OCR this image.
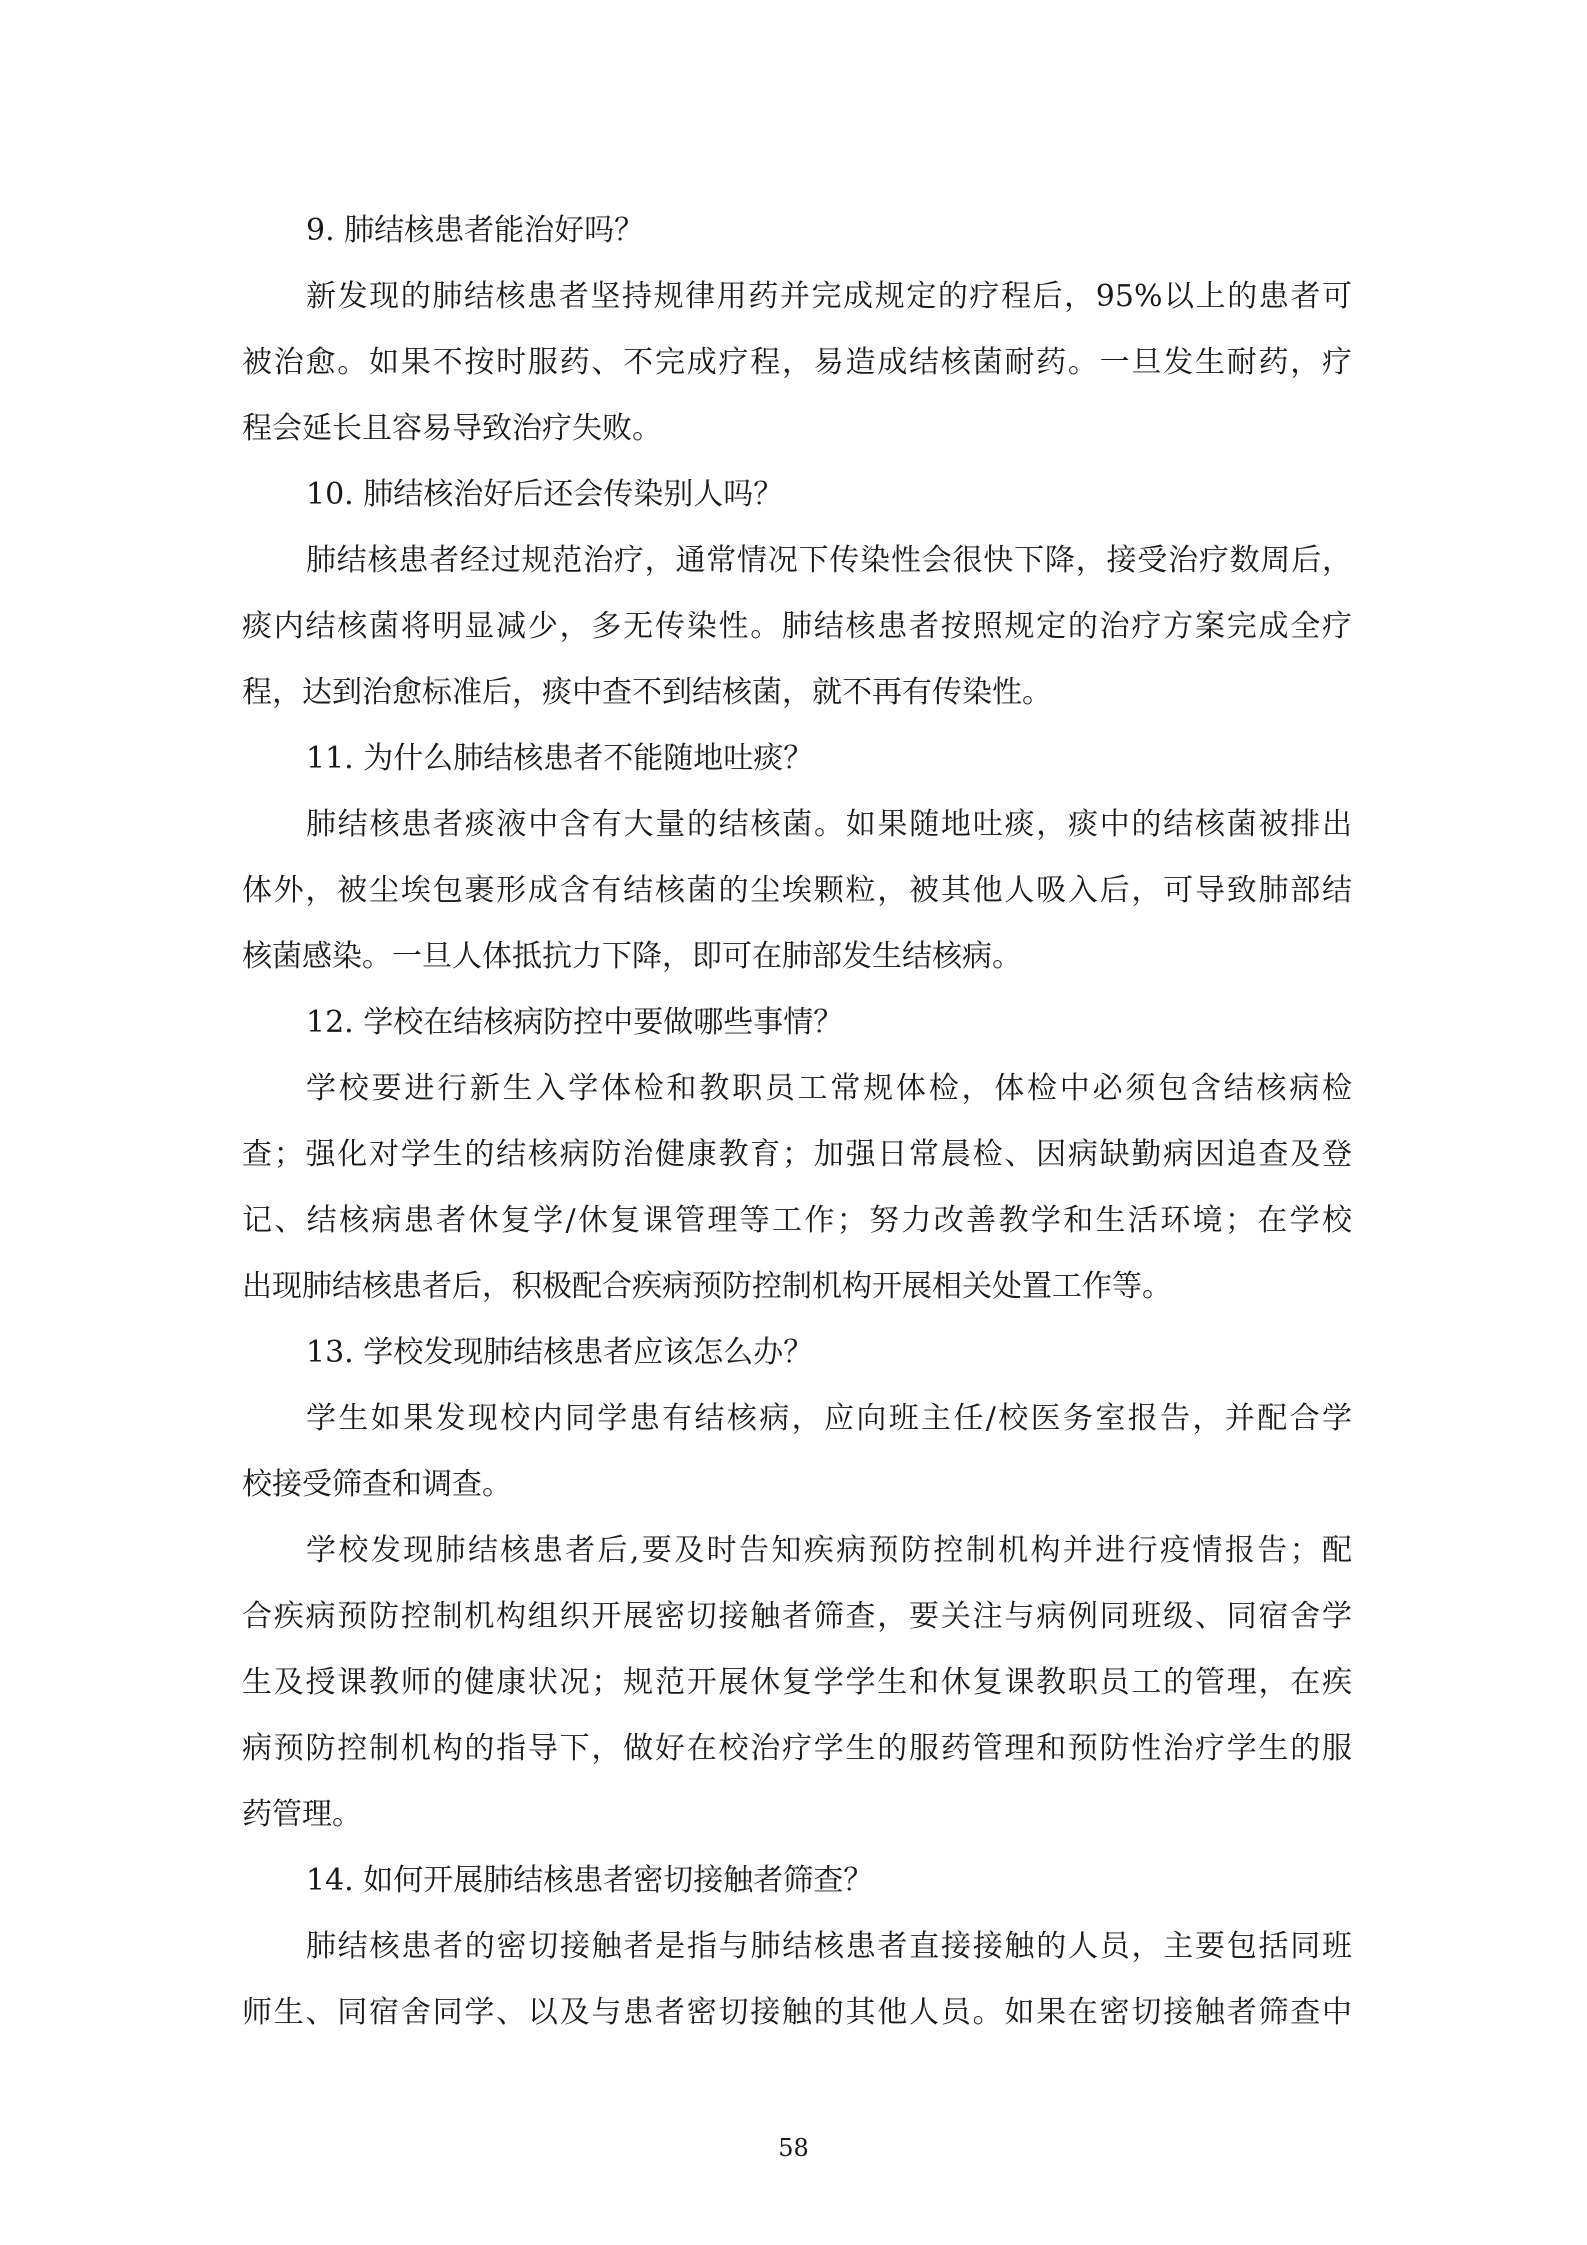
9. 肺结核患者能治好吗？
新发现的肺结核患者坚持规律用药并完成规定的疗程后，95%以上的患者可
被治愈。如果不按时服药、不完成疗程，易造成结核菌耐药。一旦发生耐药，疗
程会延长且容易导致治疗失败。
10. 肺结核治好后还会传染别人吗？
肺结核患者经过规范治疗，通常情况下传染性会很快下降，接受治疗数周后，
痰内结核菌将明显减少，多无传染性。肺结核患者按照规定的治疗方案完成全疗
程，达到治愈标准后，痰中查不到结核菌，就不再有传染性。
11. 为什么肺结核患者不能随地吐痰？
肺结核患者痰液中含有大量的结核菌。如果随地吐痰，痰中的结核菌被排出
体外，被尘埃包裹形成含有结核菌的尘埃颗粒，被其他人吸入后，可导致肺部结
核菌感染。一旦人体抵抗力下降，即可在肺部发生结核病。
12. 学校在结核病防控中要做哪些事情？
学校要进行新生入学体检和教职员工常规体检，体检中必须包含结核病检
查；强化对学生的结核病防治健康教育；加强日常晨检、因病缺勤病因追查及登
记、结核病患者休复学/休复课管理等工作；努力改善教学和生活环境；在学校
出现肺结核患者后，积极配合疾病预防控制机构开展相关处置工作等。
13. 学校发现肺结核患者应该怎么办？
学生如果发现校内同学患有结核病，应向班主任/校医务室报告，并配合学
校接受筛查和调查。
学校发现肺结核患者后,要及时告知疾病预防控制机构并进行疫情报告；配
合疾病预防控制机构组织开展密切接触者筛查，要关注与病例同班级、同宿舍学
生及授课教师的健康状况；规范开展休复学学生和休复课教职员工的管理，在疾
病预防控制机构的指导下，做好在校治疗学生的服药管理和预防性治疗学生的服
药管理。
14. 如何开展肺结核患者密切接触者筛查？
肺结核患者的密切接触者是指与肺结核患者直接接触的人员，主要包括同班
师生、同宿舍同学、以及与患者密切接触的其他人员。如果在密切接触者筛查中
58
